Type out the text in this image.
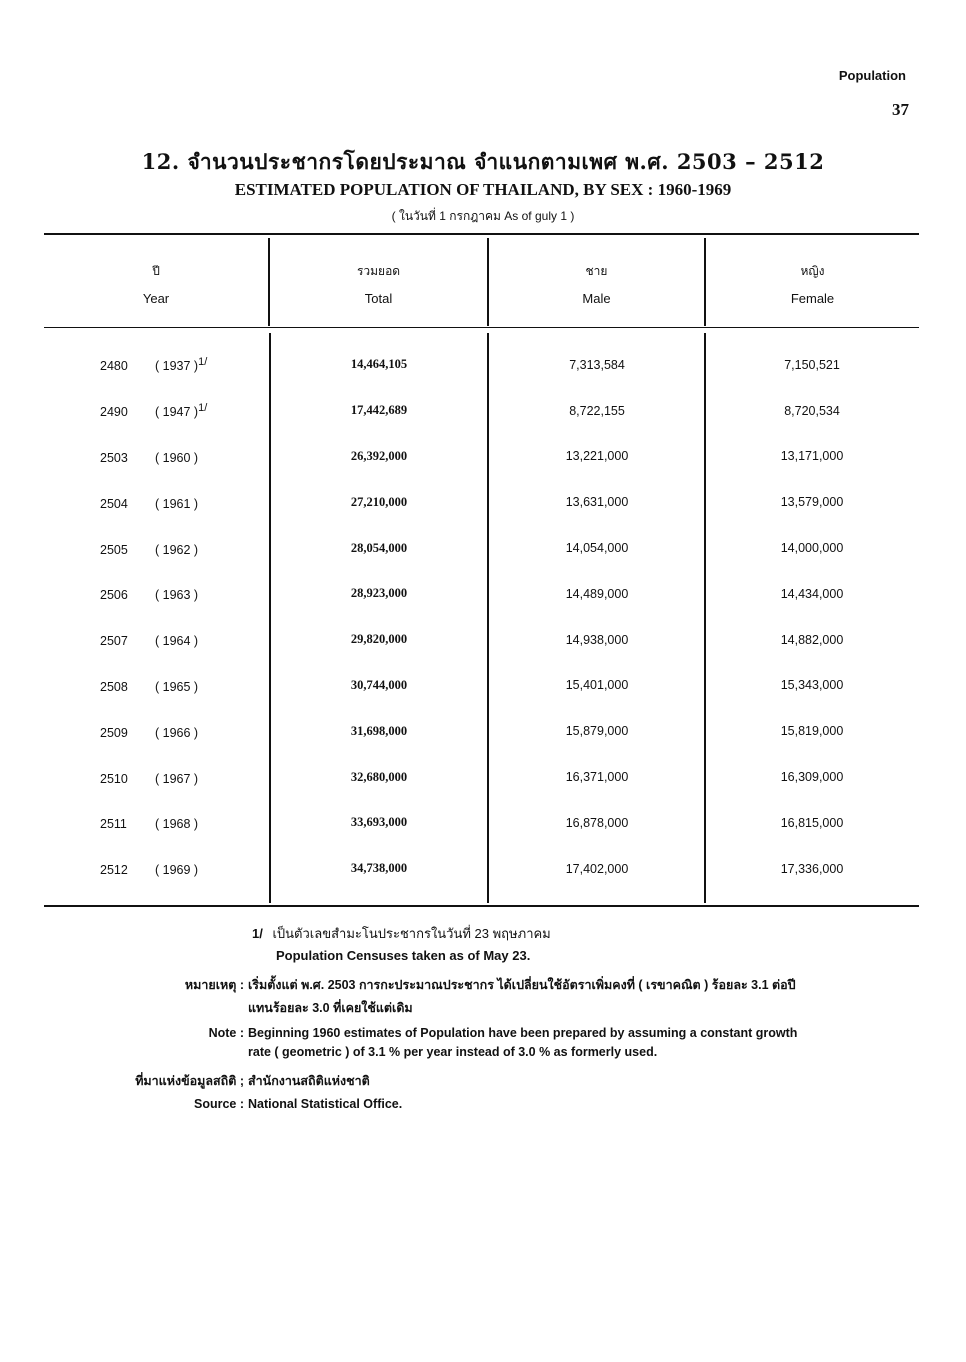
Population
37
12. จำนวนประชากรโดยประมาณ จำแนกตามเพศ พ.ศ. 2503 – 2512
ESTIMATED POPULATION OF THAILAND, BY SEX : 1960-1969
( ในวันที่ 1 กรกฎาคม As of guly 1 )
ปี
Year
รวมยอด
Total
ชาย
Male
หญิง
Female
2480 ( 1937 )$^{1/}$	14,464,105	7,313,584	7,150,521
2490 ( 1947 )$^{1/}$	17,442,689	8,722,155	8,720,534
2503 ( 1960 )	26,392,000	13,221,000	13,171,000
2504 ( 1961 )	27,210,000	13,631,000	13,579,000
2505 ( 1962 )	28,054,000	14,054,000	14,000,000
2506 ( 1963 )	28,923,000	14,489,000	14,434,000
2507 ( 1964 )	29,820,000	14,938,000	14,882,000
2508 ( 1965 )	30,744,000	15,401,000	15,343,000
2509 ( 1966 )	31,698,000	15,879,000	15,819,000
2510 ( 1967 )	32,680,000	16,371,000	16,309,000
2511 ( 1968 )	33,693,000	16,878,000	16,815,000
2512 ( 1969 )	34,738,000	17,402,000	17,336,000
1/ เป็นตัวเลขสำมะโนประชากรในวันที่ 23 พฤษภาคม
Population Censuses taken as of May 23.
หมายเหตุ : เริ่มตั้งแต่ พ.ศ. 2503 การกะประมาณประชากร ได้เปลี่ยนใช้อัตราเพิ่มคงที่ ( เรขาคณิต ) ร้อยละ 3.1 ต่อปี
แทนร้อยละ 3.0 ที่เคยใช้แต่เดิม
Note : Beginning 1960 estimates of Population have been prepared by assuming a constant growth
rate ( geometric ) of 3.1 % per year instead of 3.0 % as formerly used.
ที่มาแห่งข้อมูลสถิติ ; สำนักงานสถิติแห่งชาติ
Source : National Statistical Office.
